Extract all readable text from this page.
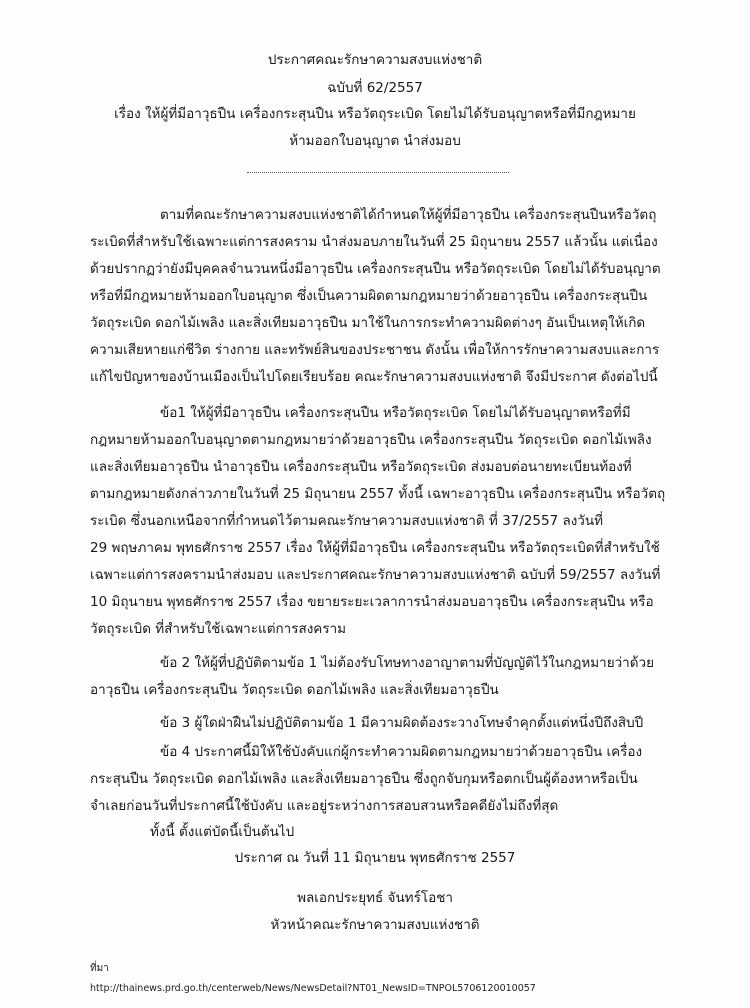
ประกาศคณะรักษาความสงบแห่งชาติ
ฉบับที่ 62/2557
เรื่อง ให้ผู้ที่มีอาวุธปืน เครื่องกระสุนปืน หรือวัตถุระเบิด โดยไม่ได้รับอนุญาตหรือที่มีกฎหมาย
ห้ามออกใบอนุญาต นำส่งมอบ
ตามที่คณะรักษาความสงบแห่งชาติได้กำหนดให้ผู้ที่มีอาวุธปืน เครื่องกระสุนปืนหรือวัตถุ
ระเบิดที่สำหรับใช้เฉพาะแต่การสงคราม นำส่งมอบภายในวันที่ 25 มิถุนายน 2557 แล้วนั้น แต่เนื่อง
ด้วยปรากฏว่ายังมีบุคคลจำนวนหนึ่งมีอาวุธปืน เครื่องกระสุนปืน หรือวัตถุระเบิด โดยไม่ได้รับอนุญาต
หรือที่มีกฎหมายห้ามออกใบอนุญาต ซึ่งเป็นความผิดตามกฎหมายว่าด้วยอาวุธปืน เครื่องกระสุนปืน
วัตถุระเบิด ดอกไม้เพลิง และสิ่งเทียมอาวุธปืน มาใช้ในการกระทำความผิดต่างๆ อันเป็นเหตุให้เกิด
ความเสียหายแก่ชีวิต ร่างกาย และทรัพย์สินของประชาชน ดังนั้น เพื่อให้การรักษาความสงบและการ
แก้ไขปัญหาของบ้านเมืองเป็นไปโดยเรียบร้อย คณะรักษาความสงบแห่งชาติ จึงมีประกาศ ดังต่อไปนี้
ข้อ1 ให้ผู้ที่มีอาวุธปืน เครื่องกระสุนปืน หรือวัตถุระเบิด โดยไม่ได้รับอนุญาตหรือที่มี
กฎหมายห้ามออกใบอนุญาตตามกฎหมายว่าด้วยอาวุธปืน เครื่องกระสุนปืน วัตถุระเบิด ดอกไม้เพลิง
และสิ่งเทียมอาวุธปืน นำอาวุธปืน เครื่องกระสุนปืน หรือวัตถุระเบิด ส่งมอบต่อนายทะเบียนท้องที่
ตามกฎหมายดังกล่าวภายในวันที่ 25 มิถุนายน 2557 ทั้งนี้ เฉพาะอาวุธปืน เครื่องกระสุนปืน หรือวัตถุ
ระเบิด ซึ่งนอกเหนือจากที่กำหนดไว้ตามคณะรักษาความสงบแห่งชาติ ที่ 37/2557 ลงวันที่
29 พฤษภาคม พุทธศักราช 2557 เรื่อง ให้ผู้ที่มีอาวุธปืน เครื่องกระสุนปืน หรือวัตถุระเบิดที่สำหรับใช้
เฉพาะแต่การสงครามนำส่งมอบ และประกาศคณะรักษาความสงบแห่งชาติ ฉบับที่ 59/2557 ลงวันที่
10 มิถุนายน พุทธศักราช 2557 เรื่อง ขยายระยะเวลาการนำส่งมอบอาวุธปืน เครื่องกระสุนปืน หรือ
วัตถุระเบิด ที่สำหรับใช้เฉพาะแต่การสงคราม
ข้อ 2 ให้ผู้ที่ปฏิบัติตามข้อ 1 ไม่ต้องรับโทษทางอาญาตามที่บัญญัติไว้ในกฎหมายว่าด้วย
อาวุธปืน เครื่องกระสุนปืน วัตถุระเบิด ดอกไม้เพลิง และสิ่งเทียมอาวุธปืน
ข้อ 3 ผู้ใดฝ่าฝืนไม่ปฏิบัติตามข้อ 1 มีความผิดต้องระวางโทษจำคุกตั้งแต่หนึ่งปีถึงสิบปี
ข้อ 4 ประกาศนี้มิให้ใช้บังคับแก่ผู้กระทำความผิดตามกฎหมายว่าด้วยอาวุธปืน เครื่อง
กระสุนปืน วัตถุระเบิด ดอกไม้เพลิง และสิ่งเทียมอาวุธปืน ซึ่งถูกจับกุมหรือตกเป็นผู้ต้องหาหรือเป็น
จำเลยก่อนวันที่ประกาศนี้ใช้บังคับ และอยู่ระหว่างการสอบสวนหรือคดียังไม่ถึงที่สุด
ทั้งนี้ ตั้งแต่บัดนี้เป็นต้นไป
ประกาศ ณ วันที่ 11 มิถุนายน พุทธศักราช 2557
พลเอกประยุทธ์ จันทร์โอชา
หัวหน้าคณะรักษาความสงบแห่งชาติ
ที่มา
http://thainews.prd.go.th/centerweb/News/NewsDetail?NT01_NewsID=TNPOL5706120010057
